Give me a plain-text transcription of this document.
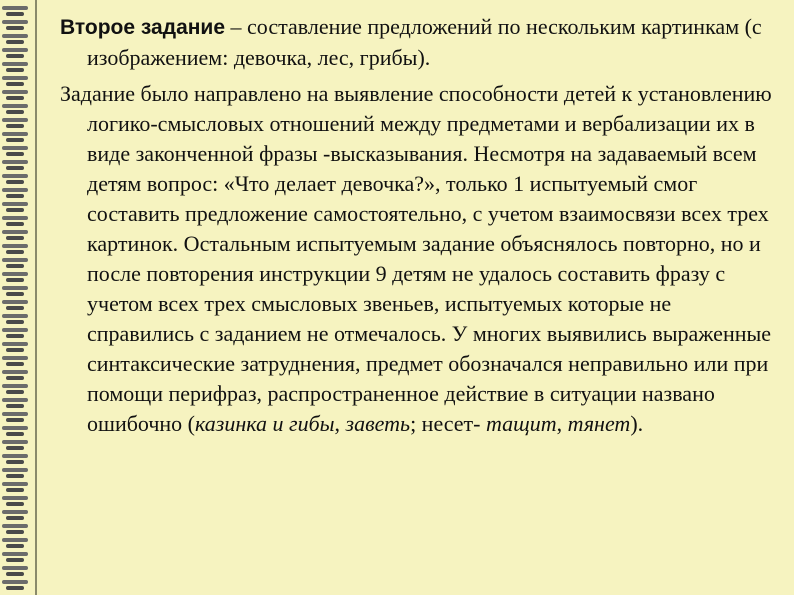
Второе задание – составление предложений по нескольким картинкам (с изображением: девочка, лес, грибы).

Задание было направлено на выявление способности детей к установлению логико-смысловых отношений между предметами и вербализации их в виде законченной фразы -высказывания. Несмотря на задаваемый всем детям вопрос: «Что делает девочка?», только 1 испытуемый смог составить предложение самостоятельно, с учетом взаимосвязи всех трех картинок. Остальным испытуемым задание объяснялось повторно, но и после повторения инструкции 9 детям не удалось составить фразу с учетом всех трех смысловых звеньев, испытуемых которые не справились с заданием не отмечалось. У многих выявились выраженные синтаксические затруднения, предмет обозначался неправильно или при помощи перифраз, распространенное действие в ситуации названо ошибочно (казинка и гибы, заветь; несет- тащит, тянет).
